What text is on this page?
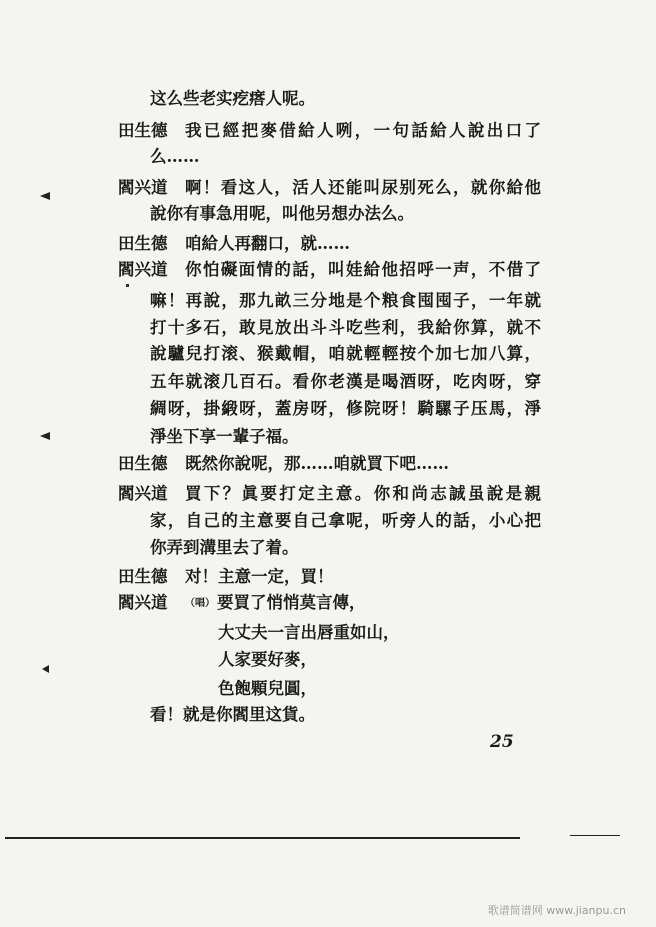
这么些老实疙瘩人呢。
田生德 我已經把麥借給人咧，一句話給人說出口了
么……
閻兴道 啊！看这人，活人还能叫尿别死么，就你給他
說你有事急用呢，叫他另想办法么。
田生德 咱給人再翻口，就……
閻兴道 你怕礙面情的話，叫娃給他招呼一声，不借了
嘛！再說，那九畝三分地是个粮食囤囤子，一年就
打十多石，敢見放出斗斗吃些利，我給你算，就不
說驢兒打滚、猴戴帽，咱就輕輕按个加七加八算，
五年就滚几百石。看你老漢是喝酒呀，吃肉呀，穿
綢呀，掛緞呀，蓋房呀，修院呀！騎騾子压馬，淨
淨坐下享一輩子福。
田生德 既然你說呢，那……咱就買下吧……
閻兴道 買下？眞要打定主意。你和尚志誠虽說是親
家，自己的主意要自己拿呢，听旁人的話，小心把
你弄到溝里去了着。
田生德 对！主意一定，買！
閻兴道 （唱） 要買了悄悄莫言傳，
大丈夫一言出唇重如山，
人家要好麥，
色飽顆兒圓，
看！就是你閻里这貨。
25
歌谱简谱网 www.jianpu.cn
